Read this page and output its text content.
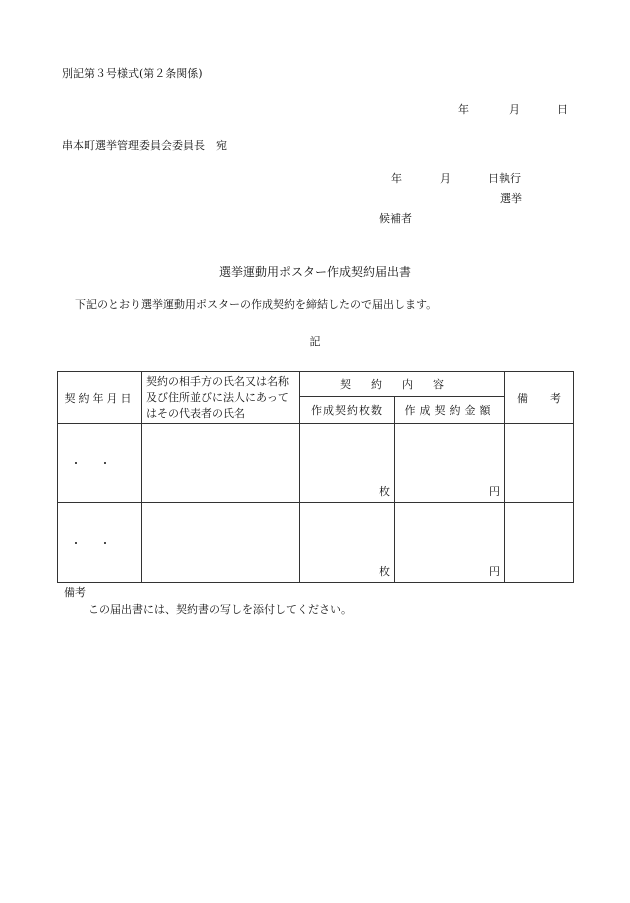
別記第３号様式(第２条関係)
年	月	日
串本町選挙管理委員会委員長　宛
年	月	日執行
選挙
候補者
選挙運動用ポスター作成契約届出書
下記のとおり選挙運動用ポスターの作成契約を締結したので届出します。
記
契約年月日	契約の相手方の氏名又は名称及び住所並びに法人にあってはその代表者の氏名	契約内容		備考
		作成契約枚数	作成契約金額	
・・		枚	円	
・・		枚	円	
備考
この届出書には、契約書の写しを添付してください。
